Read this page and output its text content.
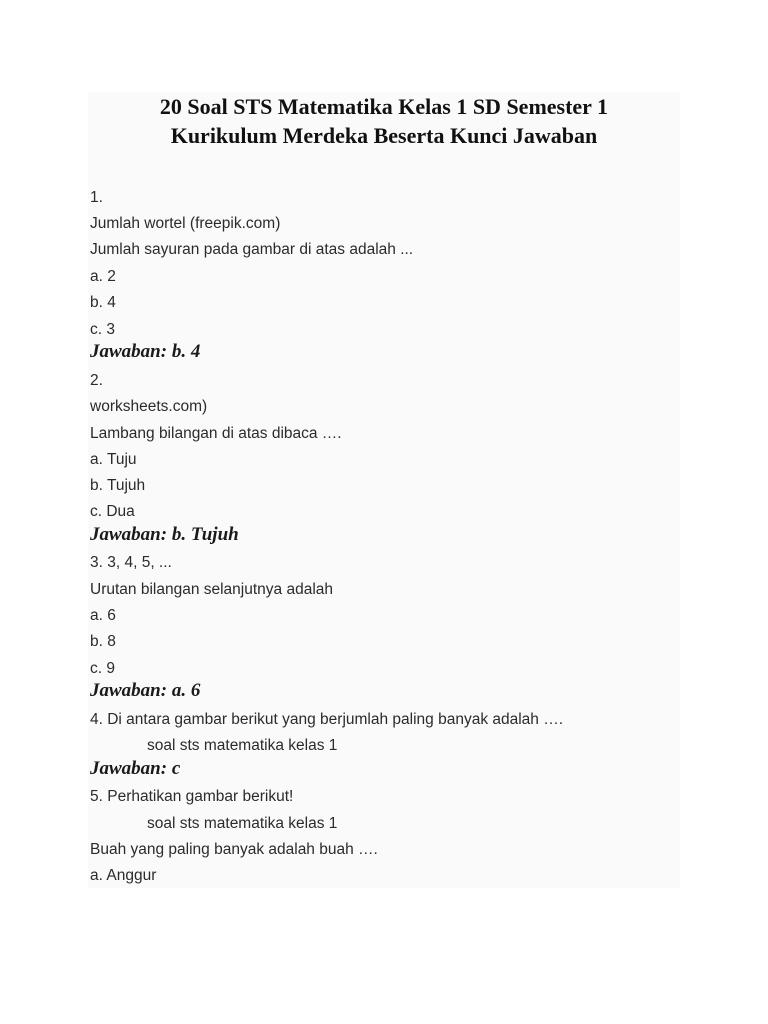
20 Soal STS Matematika Kelas 1 SD Semester 1
Kurikulum Merdeka Beserta Kunci Jawaban
1.
Jumlah wortel (freepik.com)
Jumlah sayuran pada gambar di atas adalah ...
a. 2
b. 4
c. 3
Jawaban: b. 4
2.
worksheets.com)
Lambang bilangan di atas dibaca ….
a. Tuju
b. Tujuh
c. Dua
Jawaban: b. Tujuh
3. 3, 4, 5, ...
Urutan bilangan selanjutnya adalah
a. 6
b. 8
c. 9
Jawaban: a. 6
4. Di antara gambar berikut yang berjumlah paling banyak adalah ….
soal sts matematika kelas 1
Jawaban: c
5. Perhatikan gambar berikut!
soal sts matematika kelas 1
Buah yang paling banyak adalah buah ….
a. Anggur
